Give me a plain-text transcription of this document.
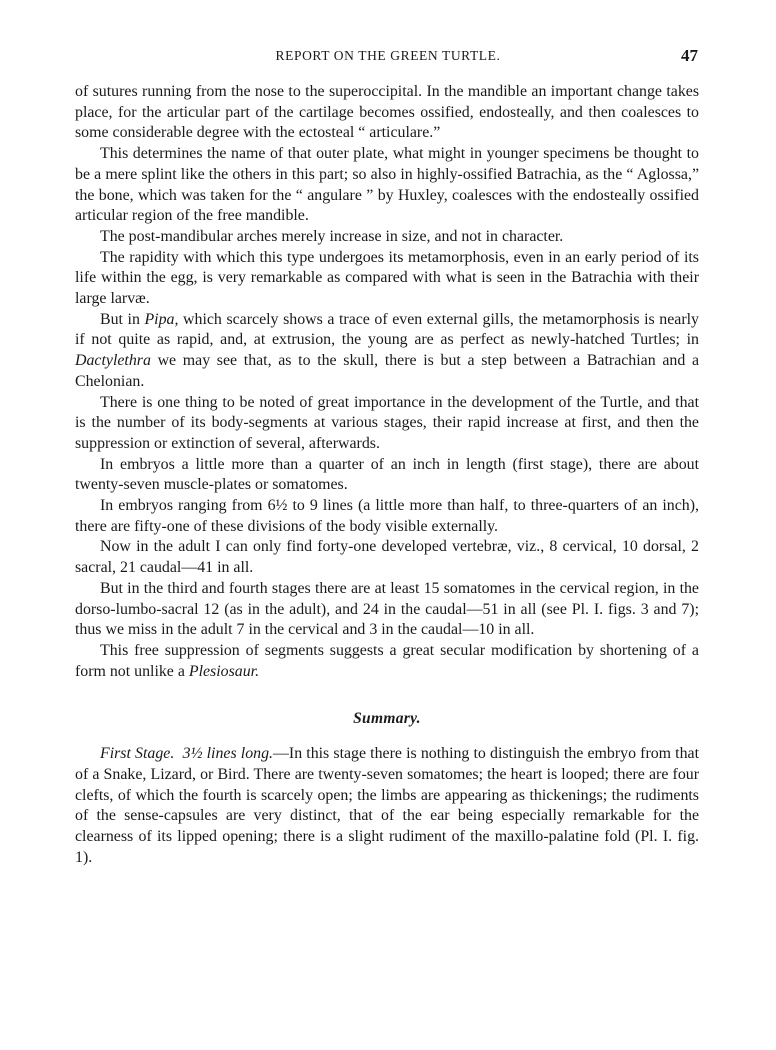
REPORT ON THE GREEN TURTLE.	47

of sutures running from the nose to the superoccipital. In the mandible an important change takes place, for the articular part of the cartilage becomes ossified, endosteally, and then coalesces to some considerable degree with the ectosteal “ articulare.”

This determines the name of that outer plate, what might in younger specimens be thought to be a mere splint like the others in this part; so also in highly-ossified Batrachia, as the “ Aglossa,” the bone, which was taken for the “ angulare ” by Huxley, coalesces with the endosteally ossified articular region of the free mandible.

The post-mandibular arches merely increase in size, and not in character.

The rapidity with which this type undergoes its metamorphosis, even in an early period of its life within the egg, is very remarkable as compared with what is seen in the Batrachia with their large larvæ.

But in Pipa, which scarcely shows a trace of even external gills, the metamorphosis is nearly if not quite as rapid, and, at extrusion, the young are as perfect as newly-hatched Turtles; in Dactylethra we may see that, as to the skull, there is but a step between a Batrachian and a Chelonian.

There is one thing to be noted of great importance in the development of the Turtle, and that is the number of its body-segments at various stages, their rapid increase at first, and then the suppression or extinction of several, afterwards.

In embryos a little more than a quarter of an inch in length (first stage), there are about twenty-seven muscle-plates or somatomes.

In embryos ranging from 6½ to 9 lines (a little more than half, to three-quarters of an inch), there are fifty-one of these divisions of the body visible externally.

Now in the adult I can only find forty-one developed vertebræ, viz., 8 cervical, 10 dorsal, 2 sacral, 21 caudal—41 in all.

But in the third and fourth stages there are at least 15 somatomes in the cervical region, in the dorso-lumbo-sacral 12 (as in the adult), and 24 in the caudal—51 in all (see Pl. I. figs. 3 and 7); thus we miss in the adult 7 in the cervical and 3 in the caudal—10 in all.

This free suppression of segments suggests a great secular modification by shortening of a form not unlike a Plesiosaur.

Summary.

First Stage. 3½ lines long.—In this stage there is nothing to distinguish the embryo from that of a Snake, Lizard, or Bird. There are twenty-seven somatomes; the heart is looped; there are four clefts, of which the fourth is scarcely open; the limbs are appearing as thickenings; the rudiments of the sense-capsules are very distinct, that of the ear being especially remarkable for the clearness of its lipped opening; there is a slight rudiment of the maxillo-palatine fold (Pl. I. fig. 1).
